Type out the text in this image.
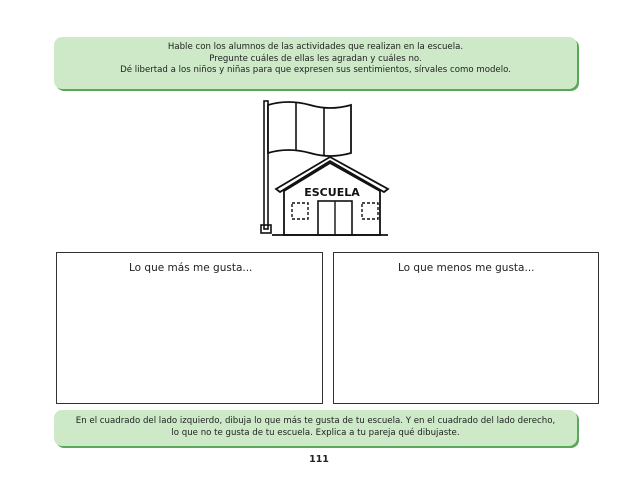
Hable con los alumnos de las actividades que realizan en la escuela.

Pregunte cuáles de ellas les agradan y cuáles no.

Dé libertad a los niños y niñas para que expresen sus sentimientos, sírvales como modelo.

ESCUELA
Lo que más me gusta...	Lo que menos me gusta...

En el cuadrado del lado izquierdo, dibuja lo que más te gusta de tu escuela. Y en el cuadrado del lado derecho,

lo que no te gusta de tu escuela. Explica a tu pareja qué dibujaste.

111
